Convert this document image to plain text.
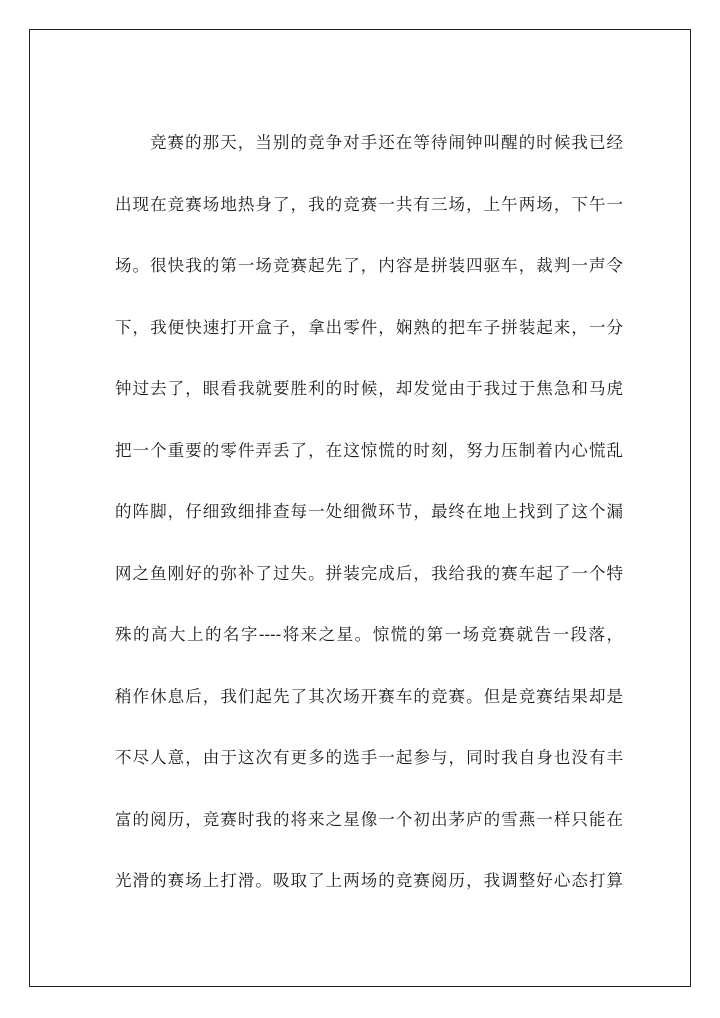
竞赛的那天，当别的竞争对手还在等待闹钟叫醒的时候我已经
出现在竞赛场地热身了，我的竞赛一共有三场，上午两场，下午一
场。很快我的第一场竞赛起先了，内容是拼装四驱车，裁判一声令
下，我便快速打开盒子，拿出零件，娴熟的把车子拼装起来，一分
钟过去了，眼看我就要胜利的时候，却发觉由于我过于焦急和马虎
把一个重要的零件弄丢了，在这惊慌的时刻，努力压制着内心慌乱
的阵脚，仔细致细排查每一处细微环节，最终在地上找到了这个漏
网之鱼刚好的弥补了过失。拼装完成后，我给我的赛车起了一个特
殊的高大上的名字----将来之星。惊慌的第一场竞赛就告一段落，
稍作休息后，我们起先了其次场开赛车的竞赛。但是竞赛结果却是
不尽人意，由于这次有更多的选手一起参与，同时我自身也没有丰
富的阅历，竞赛时我的将来之星像一个初出茅庐的雪燕一样只能在
光滑的赛场上打滑。吸取了上两场的竞赛阅历，我调整好心态打算
